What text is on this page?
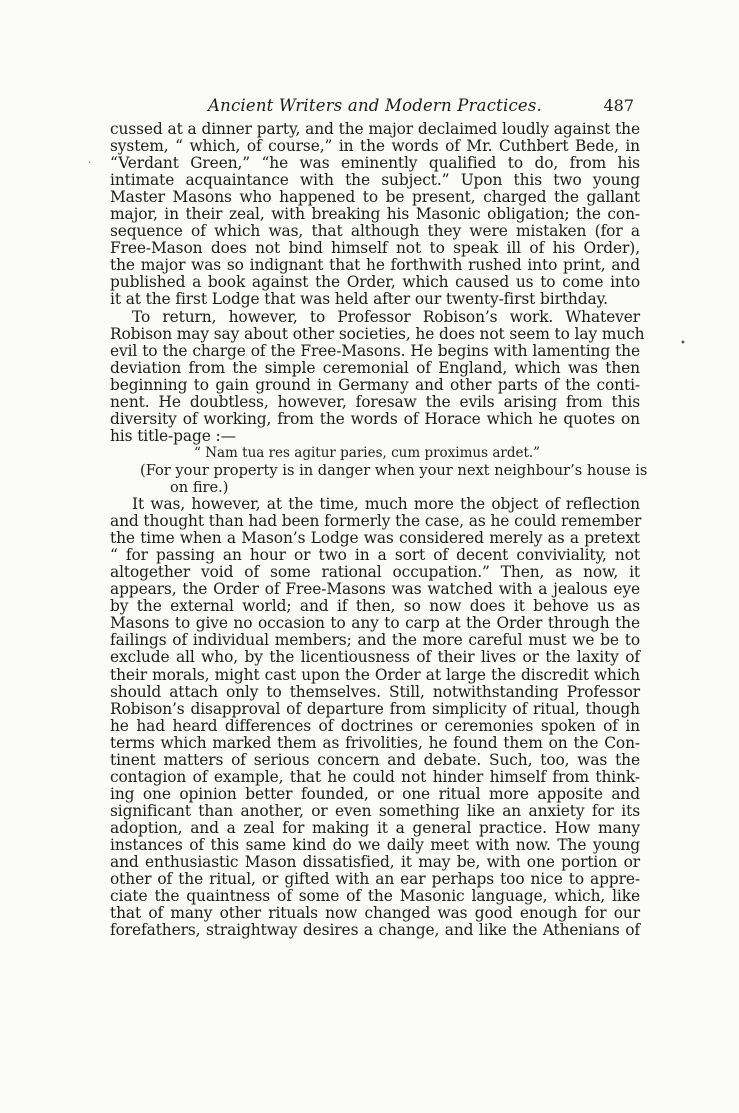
Ancient Writers and Modern Practices.	487
·
•
cussed at a dinner party, and the major declaimed loudly against the
system, “ which, of course,” in the words of Mr. Cuthbert Bede, in
“Verdant Green,” “he was eminently qualified to do, from his
intimate acquaintance with the subject.” Upon this two young
Master Masons who happened to be present, charged the gallant
major, in their zeal, with breaking his Masonic obligation; the con-
sequence of which was, that although they were mistaken (for a
Free-Mason does not bind himself not to speak ill of his Order),
the major was so indignant that he forthwith rushed into print, and
published a book against the Order, which caused us to come into
it at the first Lodge that was held after our twenty-first birthday.
To return, however, to Professor Robison’s work. Whatever
Robison may say about other societies, he does not seem to lay much
evil to the charge of the Free-Masons. He begins with lamenting the
deviation from the simple ceremonial of England, which was then
beginning to gain ground in Germany and other parts of the conti-
nent. He doubtless, however, foresaw the evils arising from this
diversity of working, from the words of Horace which he quotes on
his title-page :—
“ Nam tua res agitur paries, cum proximus ardet.”
(For your property is in danger when your next neighbour’s house is
on fire.)
It was, however, at the time, much more the object of reflection
and thought than had been formerly the case, as he could remember
the time when a Mason’s Lodge was considered merely as a pretext
“ for passing an hour or two in a sort of decent conviviality, not
altogether void of some rational occupation.” Then, as now, it
appears, the Order of Free-Masons was watched with a jealous eye
by the external world; and if then, so now does it behove us as
Masons to give no occasion to any to carp at the Order through the
failings of individual members; and the more careful must we be to
exclude all who, by the licentiousness of their lives or the laxity of
their morals, might cast upon the Order at large the discredit which
should attach only to themselves. Still, notwithstanding Professor
Robison’s disapproval of departure from simplicity of ritual, though
he had heard differences of doctrines or ceremonies spoken of in
terms which marked them as frivolities, he found them on the Con-
tinent matters of serious concern and debate. Such, too, was the
contagion of example, that he could not hinder himself from think-
ing one opinion better founded, or one ritual more apposite and
significant than another, or even something like an anxiety for its
adoption, and a zeal for making it a general practice. How many
instances of this same kind do we daily meet with now. The young
and enthusiastic Mason dissatisfied, it may be, with one portion or
other of the ritual, or gifted with an ear perhaps too nice to appre-
ciate the quaintness of some of the Masonic language, which, like
that of many other rituals now changed was good enough for our
forefathers, straightway desires a change, and like the Athenians of
